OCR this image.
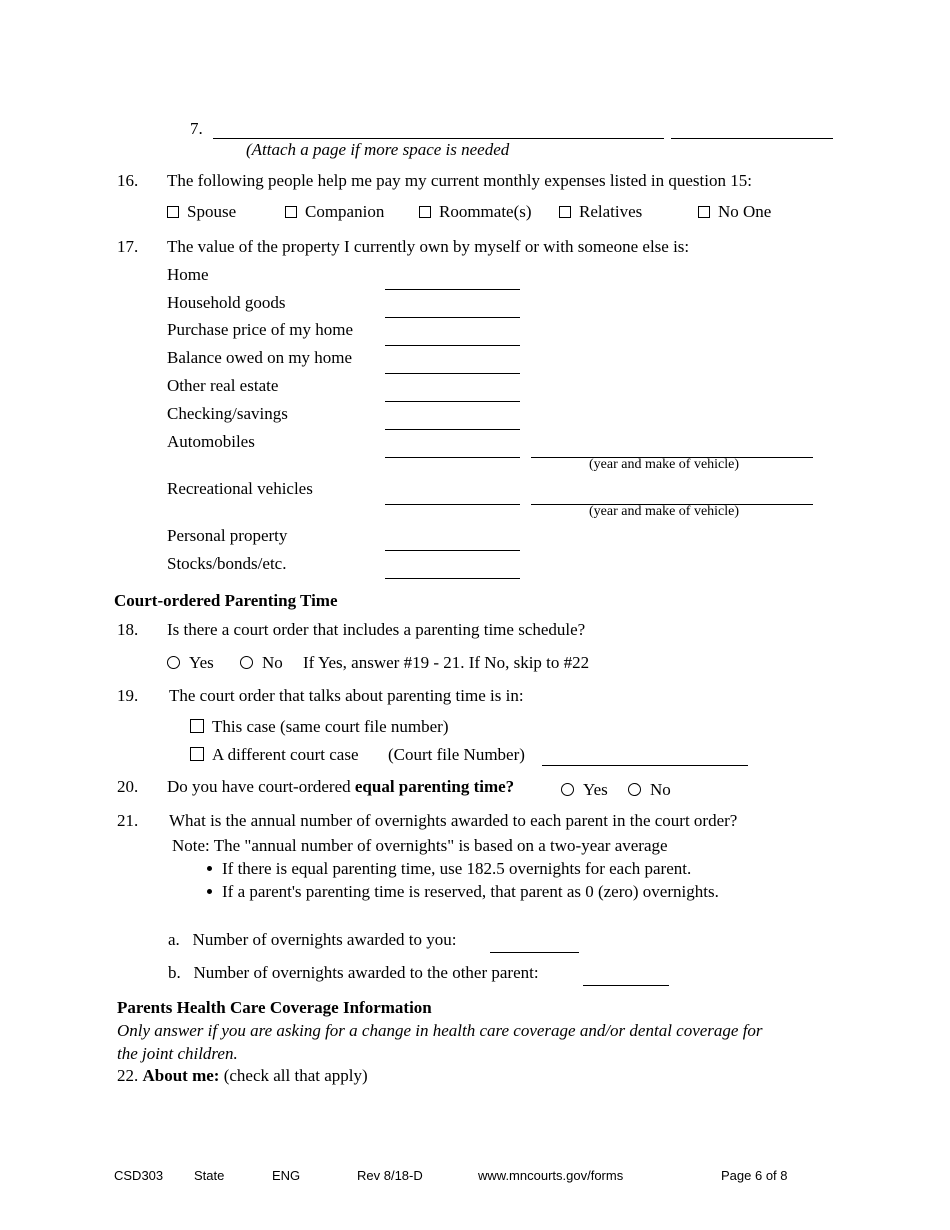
7.
(Attach a page if more space is needed
16. The following people help me pay my current monthly expenses listed in question 15:
Spouse	Companion	Roommate(s)	Relatives	No One
17. The value of the property I currently own by myself or with someone else is:
Home
Household goods
Purchase price of my home
Balance owed on my home
Other real estate
Checking/savings
Automobiles
(year and make of vehicle)
Recreational vehicles
(year and make of vehicle)
Personal property
Stocks/bonds/etc.
Court-ordered Parenting Time
18. Is there a court order that includes a parenting time schedule?
Yes	No If Yes, answer #19 - 21. If No, skip to #22
19. The court order that talks about parenting time is in:
This case (same court file number)
A different court case (Court file Number)
20. Do you have court-ordered equal parenting time?	Yes	No
21. What is the annual number of overnights awarded to each parent in the court order?
Note: The "annual number of overnights" is based on a two-year average
If there is equal parenting time, use 182.5 overnights for each parent.
If a parent's parenting time is reserved, that parent as 0 (zero) overnights.
a.   Number of overnights awarded to you:
b.   Number of overnights awarded to the other parent:
Parents Health Care Coverage Information
Only answer if you are asking for a change in health care coverage and/or dental coverage for
the joint children.
22. About me: (check all that apply)
CSD303 State	ENG	Rev 8/18-D	www.mncourts.gov/forms	Page 6 of 8
